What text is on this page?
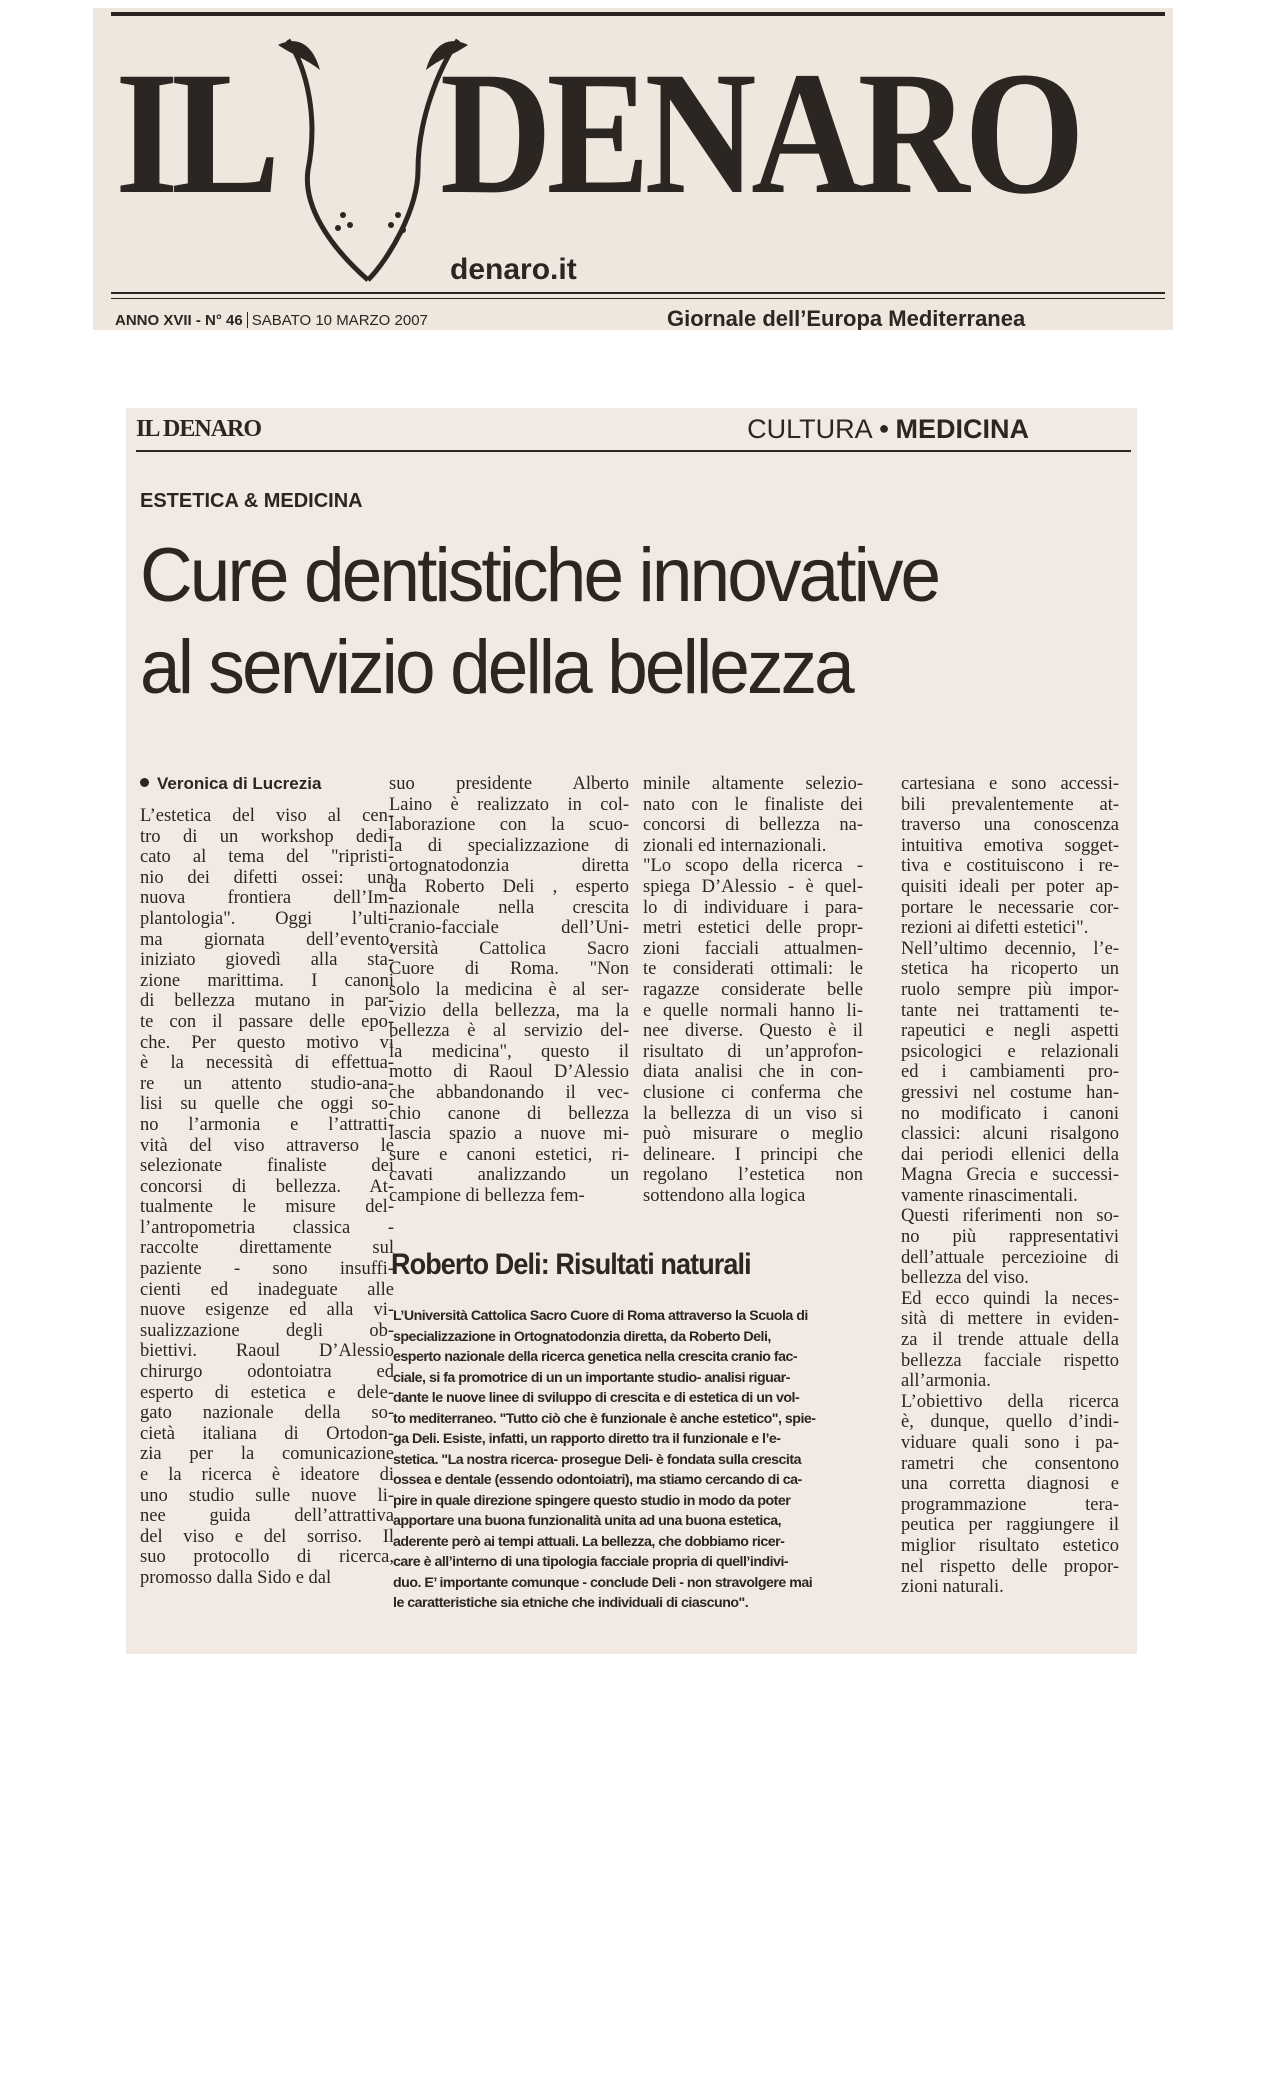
IL DENARO
denaro.it
ANNO XVII - N° 46 SABATO 10 MARZO 2007	Giornale dell’Europa Mediterranea
IL DENARO	CULTURA ● MEDICINA
ESTETICA & MEDICINA
Cure dentistiche innovative
al servizio della bellezza
Veronica di Lucrezia
L’estetica del viso al cen-
tro di un workshop dedi-
cato al tema del "ripristi-
nio dei difetti ossei: una
nuova frontiera dell’Im-
plantologia". Oggi l’ulti-
ma giornata dell’evento,
iniziato giovedì alla sta-
zione marittima. I canoni
di bellezza mutano in par-
te con il passare delle epo-
che. Per questo motivo vi
è la necessità di effettua-
re un attento studio-ana-
lisi su quelle che oggi so-
no l’armonia e l’attratti-
vità del viso attraverso le
selezionate finaliste dei
concorsi di bellezza. At-
tualmente le misure del-
l’antropometria classica -
raccolte direttamente sul
paziente - sono insuffi-
cienti ed inadeguate alle
nuove esigenze ed alla vi-
sualizzazione degli ob-
biettivi. Raoul D’Alessio
chirurgo odontoiatra ed
esperto di estetica e dele-
gato nazionale della so-
cietà italiana di Ortodon-
zia per la comunicazione
e la ricerca è ideatore di
uno studio sulle nuove li-
nee guida dell’attrattiva
del viso e del sorriso. Il
suo protocollo di ricerca,
promosso dalla Sido e dal
suo presidente Alberto
Laino è realizzato in col-
laborazione con la scuo-
la di specializzazione di
ortognatodonzia diretta
da Roberto Deli , esperto
nazionale nella crescita
cranio-facciale dell’Uni-
versità Cattolica Sacro
Cuore di Roma. "Non
solo la medicina è al ser-
vizio della bellezza, ma la
bellezza è al servizio del-
la medicina", questo il
motto di Raoul D’Alessio
che abbandonando il vec-
chio canone di bellezza
lascia spazio a nuove mi-
sure e canoni estetici, ri-
cavati analizzando un
campione di bellezza fem-
minile altamente seleziо-
nato con le finaliste dei
concorsi di bellezza na-
zionali ed internazionali.
"Lo scopo della ricerca -
spiega D’Alessio - è quel-
lo di individuare i para-
metri estetici delle propr-
zioni facciali attualmen-
te considerati ottimali: le
ragazze considerate belle
e quelle normali hanno li-
nee diverse. Questo è il
risultato di un’approfon-
diata analisi che in con-
clusione ci conferma che
la bellezza di un viso si
può misurare o meglio
delineare. I principi che
regolano l’estetica non
sottendono alla logica
cartesiana e sono accessi-
bili prevalentemente at-
traverso una conoscenza
intuitiva emotiva sogget-
tiva e costituiscono i re-
quisiti ideali per poter ap-
portare le necessarie cor-
rezioni ai difetti estetici".
Nell’ultimo decennio, l’e-
stetica ha ricoperto un
ruolo sempre più impor-
tante nei trattamenti te-
rapeutici e negli aspetti
psicologici e relazionali
ed i cambiamenti pro-
gressivi nel costume han-
no modificato i canoni
classici: alcuni risalgono
dai periodi ellenici della
Magna Grecia e successi-
vamente rinascimentali.
Questi riferimenti non so-
no più rappresentativi
dell’attuale percezioine di
bellezza del viso.
Ed ecco quindi la neces-
sità di mettere in eviden-
za il trende attuale della
bellezza facciale rispetto
all’armonia.
L’obiettivo della ricerca
è, dunque, quello d’indi-
viduare quali sono i pa-
rametri che consentono
una corretta diagnosi e
programmazione tera-
peutica per raggiungere il
miglior risultato estetico
nel rispetto delle propor-
zioni naturali.
Roberto Deli: Risultati naturali
L’Università Cattolica Sacro Cuore di Roma attraverso la Scuola di
specializzazione in Ortognatodonzia diretta, da Roberto Deli,
esperto nazionale della ricerca genetica nella crescita cranio fac-
ciale, si fa promotrice di un un importante studio- analisi riguar-
dante le nuove linee di sviluppo di crescita e di estetica di un vol-
to mediterraneo. "Tutto ciò che è funzionale è anche estetico", spie-
ga Deli. Esiste, infatti, un rapporto diretto tra il funzionale e l’e-
stetica. "La nostra ricerca- prosegue Deli- è fondata sulla crescita
ossea e dentale (essendo odontoiatri), ma stiamo cercando di ca-
pire in quale direzione spingere questo studio in modo da poter
apportare una buona funzionalità unita ad una buona estetica,
aderente però ai tempi attuali. La bellezza, che dobbiamo ricer-
care è all’interno di una tipologia facciale propria di quell’indivi-
duo. E’ importante comunque - conclude Deli - non stravolgere mai
le caratteristiche sia etniche che individuali di ciascuno".
